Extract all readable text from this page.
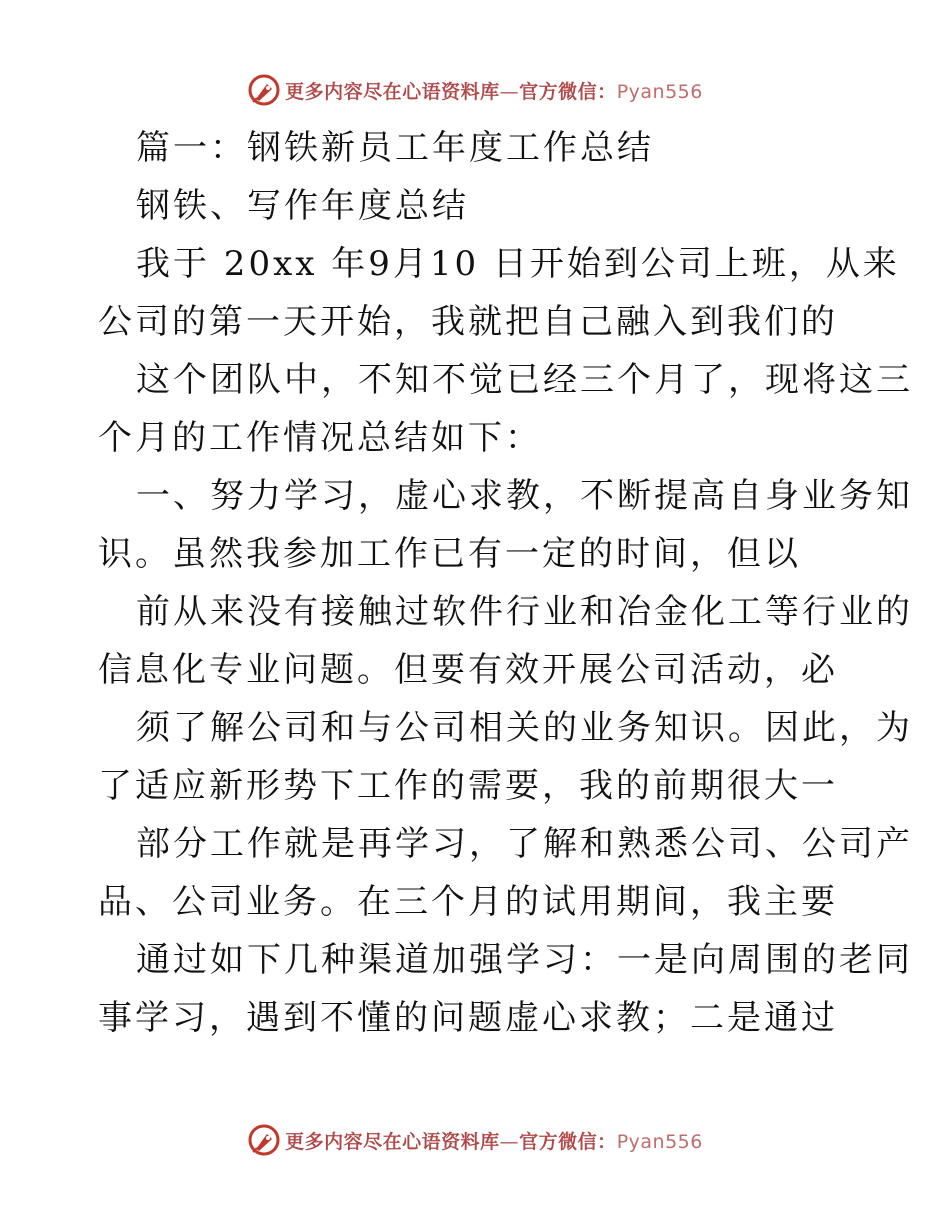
更多内容尽在心语资料库—官方微信：Pyan556
篇一：钢铁新员工年度工作总结
钢铁、写作年度总结
我于 20xx 年9月10 日开始到公司上班，从来
公司的第一天开始，我就把自己融入到我们的
这个团队中，不知不觉已经三个月了，现将这三
个月的工作情况总结如下：
一、努力学习，虚心求教，不断提高自身业务知
识。虽然我参加工作已有一定的时间，但以
前从来没有接触过软件行业和冶金化工等行业的
信息化专业问题。但要有效开展公司活动，必
须了解公司和与公司相关的业务知识。因此，为
了适应新形势下工作的需要，我的前期很大一
部分工作就是再学习，了解和熟悉公司、公司产
品、公司业务。在三个月的试用期间，我主要
通过如下几种渠道加强学习：一是向周围的老同
事学习，遇到不懂的问题虚心求教；二是通过
更多内容尽在心语资料库—官方微信：Pyan556
